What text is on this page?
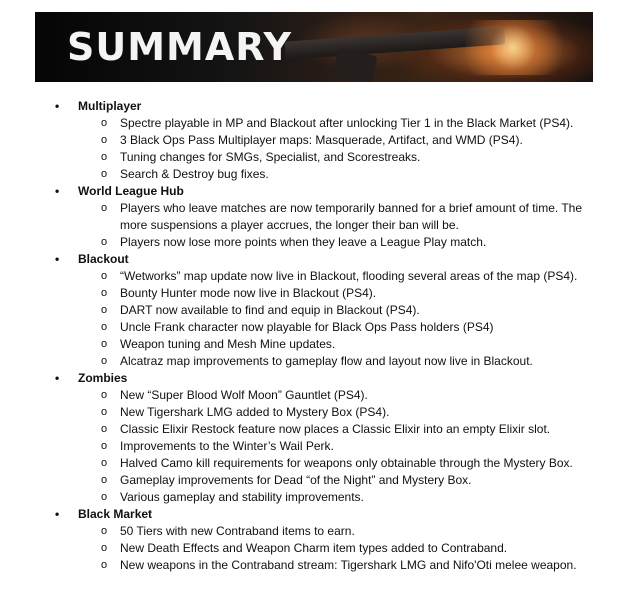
SUMMARY
• Multiplayer
o Spectre playable in MP and Blackout after unlocking Tier 1 in the Black Market (PS4).
o 3 Black Ops Pass Multiplayer maps: Masquerade, Artifact, and WMD (PS4).
o Tuning changes for SMGs, Specialist, and Scorestreaks.
o Search & Destroy bug fixes.
• World League Hub
o Players who leave matches are now temporarily banned for a brief amount of time. The more suspensions a player accrues, the longer their ban will be.
o Players now lose more points when they leave a League Play match.
• Blackout
o “Wetworks” map update now live in Blackout, flooding several areas of the map (PS4).
o Bounty Hunter mode now live in Blackout (PS4).
o DART now available to find and equip in Blackout (PS4).
o Uncle Frank character now playable for Black Ops Pass holders (PS4)
o Weapon tuning and Mesh Mine updates.
o Alcatraz map improvements to gameplay flow and layout now live in Blackout.
• Zombies
o New “Super Blood Wolf Moon” Gauntlet (PS4).
o New Tigershark LMG added to Mystery Box (PS4).
o Classic Elixir Restock feature now places a Classic Elixir into an empty Elixir slot.
o Improvements to the Winter’s Wail Perk.
o Halved Camo kill requirements for weapons only obtainable through the Mystery Box.
o Gameplay improvements for Dead “of the Night” and Mystery Box.
o Various gameplay and stability improvements.
• Black Market
o 50 Tiers with new Contraband items to earn.
o New Death Effects and Weapon Charm item types added to Contraband.
o New weapons in the Contraband stream: Tigershark LMG and Nifo'Oti melee weapon.
